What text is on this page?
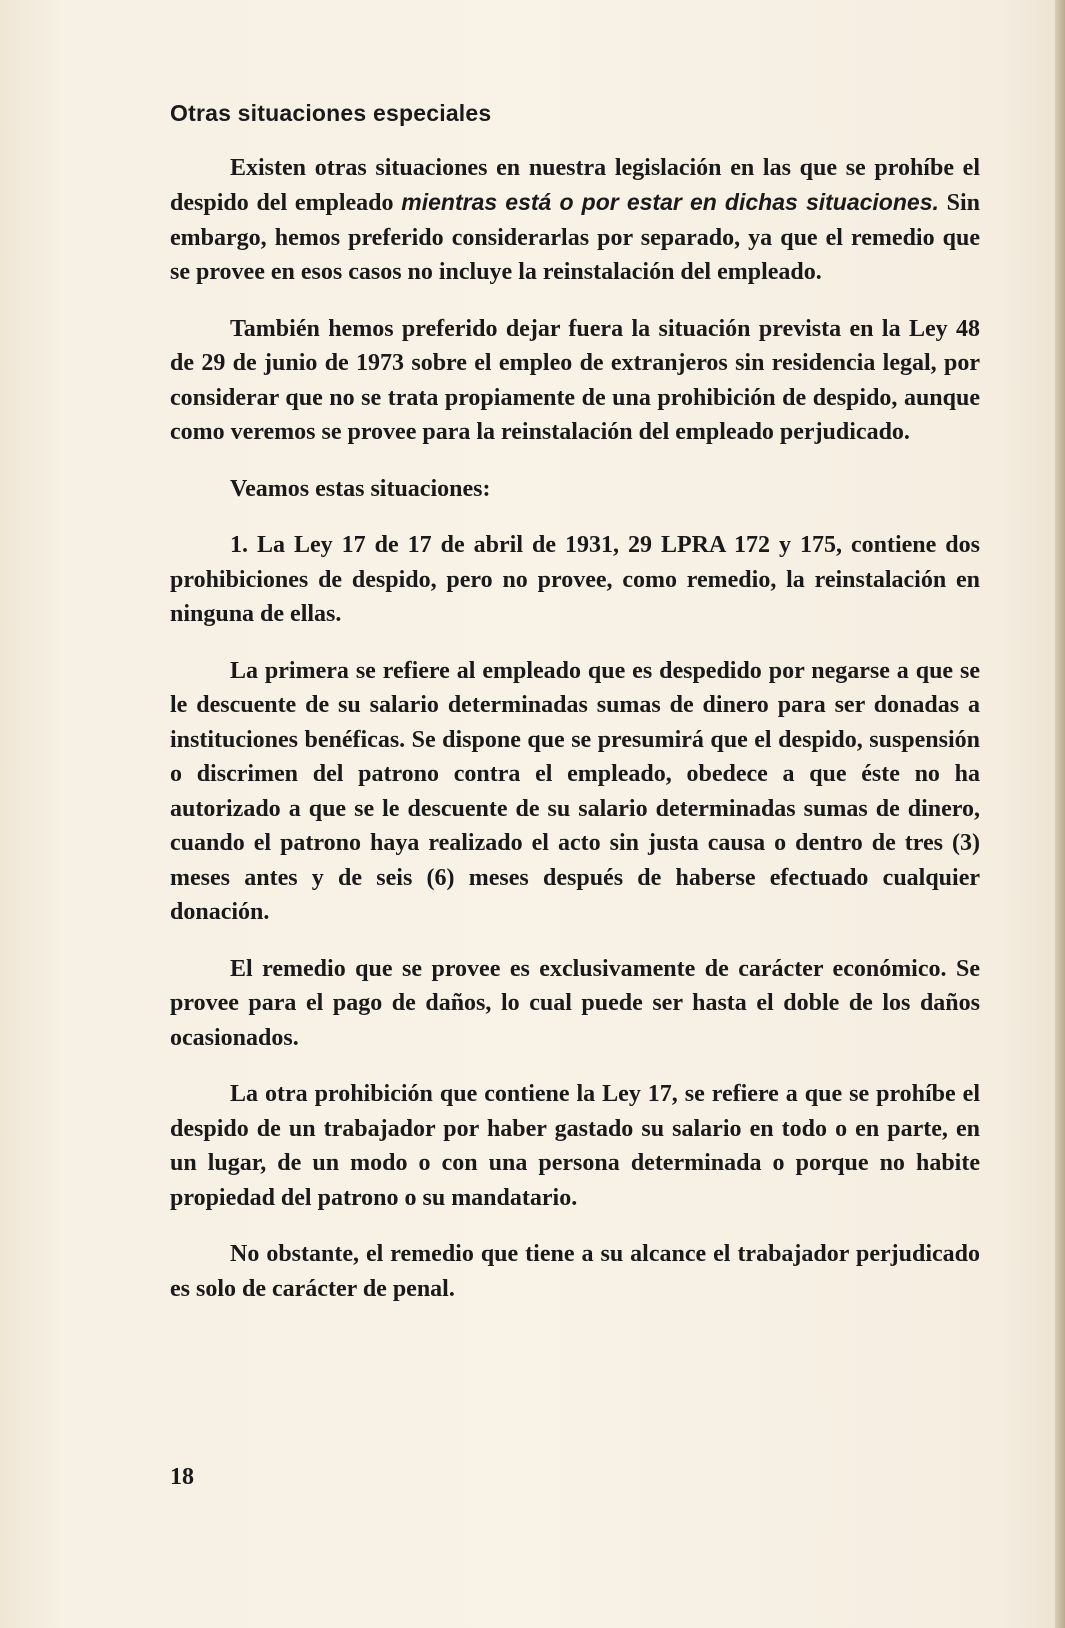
Otras situaciones especiales

Existen otras situaciones en nuestra legislación en las que se prohíbe el despido del empleado mientras está o por estar en dichas situaciones. Sin embargo, hemos preferido considerarlas por separado, ya que el remedio que se provee en esos casos no incluye la reinstalación del empleado.

También hemos preferido dejar fuera la situación prevista en la Ley 48 de 29 de junio de 1973 sobre el empleo de extranjeros sin residencia legal, por considerar que no se trata propiamente de una prohibición de despido, aunque como veremos se provee para la reinstalación del empleado perjudicado.

Veamos estas situaciones:

1. La Ley 17 de 17 de abril de 1931, 29 LPRA 172 y 175, contiene dos prohibiciones de despido, pero no provee, como remedio, la reinstalación en ninguna de ellas.

La primera se refiere al empleado que es despedido por negarse a que se le descuente de su salario determinadas sumas de dinero para ser donadas a instituciones benéficas. Se dispone que se presumirá que el despido, suspensión o discrimen del patrono contra el empleado, obedece a que éste no ha autorizado a que se le descuente de su salario determinadas sumas de dinero, cuando el patrono haya realizado el acto sin justa causa o dentro de tres (3) meses antes y de seis (6) meses después de haberse efectuado cualquier donación.

El remedio que se provee es exclusivamente de carácter económico. Se provee para el pago de daños, lo cual puede ser hasta el doble de los daños ocasionados.

La otra prohibición que contiene la Ley 17, se refiere a que se prohíbe el despido de un trabajador por haber gastado su salario en todo o en parte, en un lugar, de un modo o con una persona determinada o porque no habite propiedad del patrono o su mandatario.

No obstante, el remedio que tiene a su alcance el trabajador perjudicado es solo de carácter de penal.

18
